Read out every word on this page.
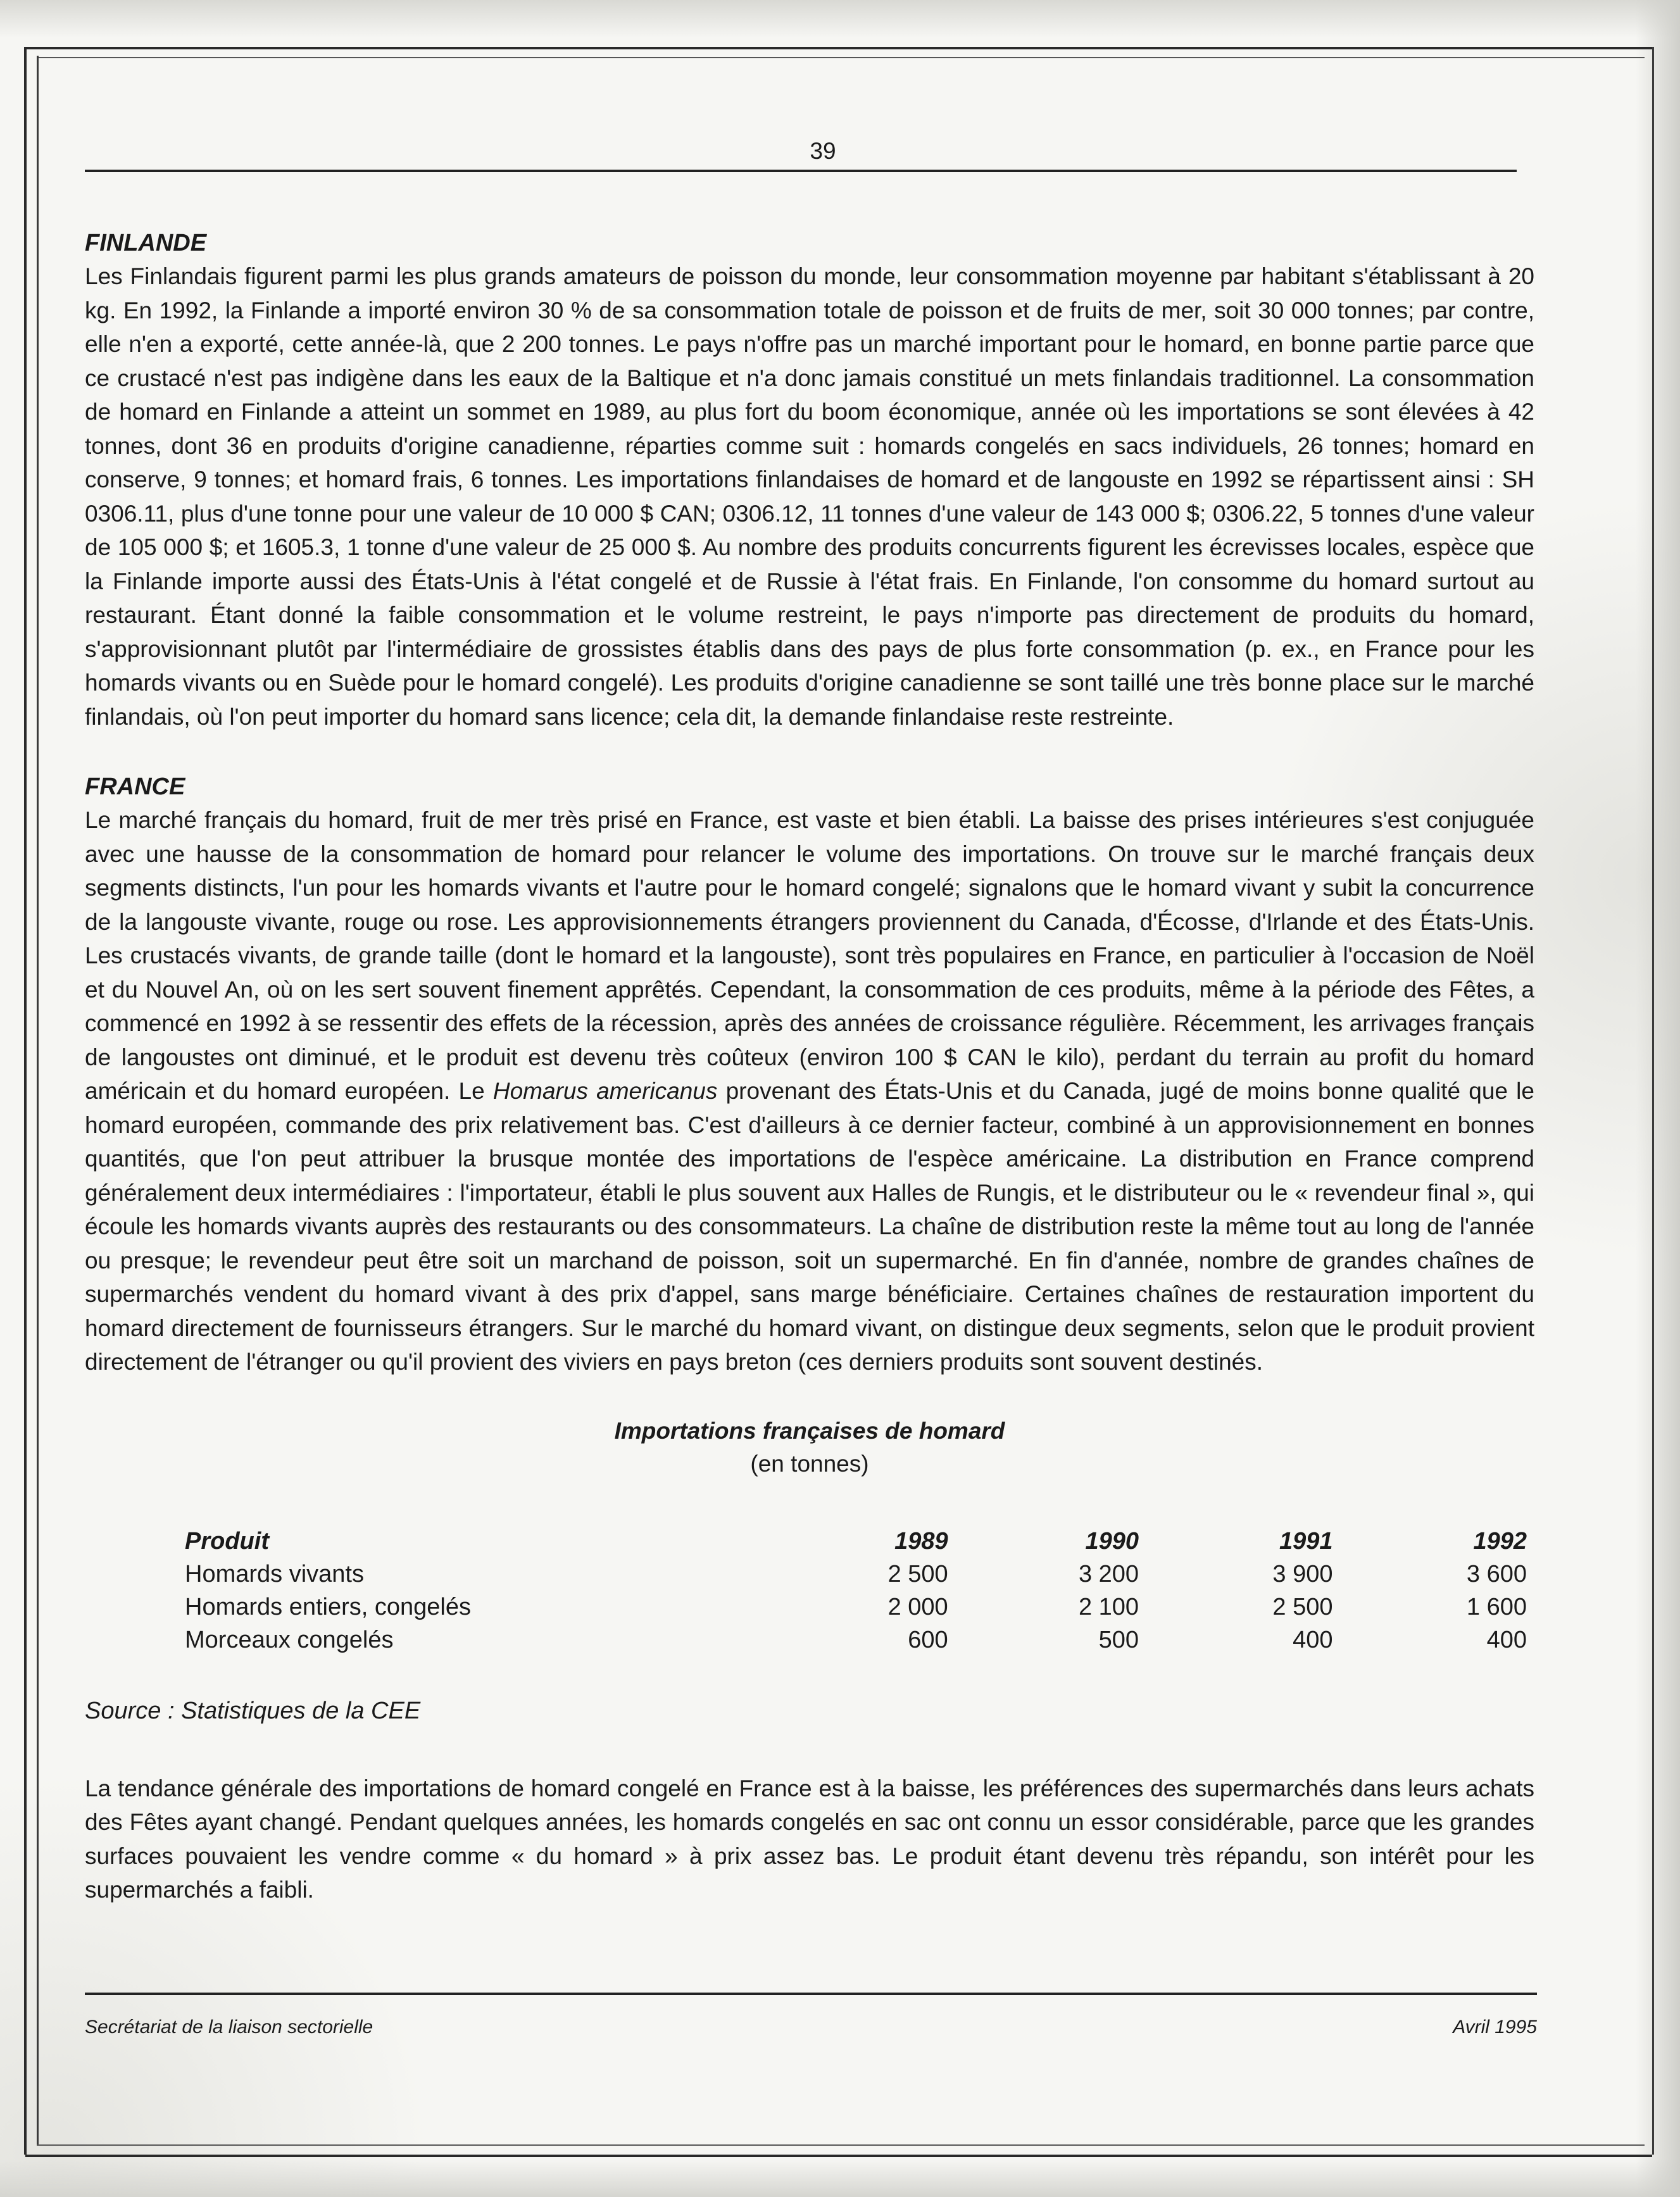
39
FINLANDE

Les Finlandais figurent parmi les plus grands amateurs de poisson du monde, leur consommation moyenne par habitant s'établissant à 20 kg. En 1992, la Finlande a importé environ 30 % de sa consommation totale de poisson et de fruits de mer, soit 30 000 tonnes; par contre, elle n'en a exporté, cette année-là, que 2 200 tonnes. Le pays n'offre pas un marché important pour le homard, en bonne partie parce que ce crustacé n'est pas indigène dans les eaux de la Baltique et n'a donc jamais constitué un mets finlandais traditionnel. La consommation de homard en Finlande a atteint un sommet en 1989, au plus fort du boom économique, année où les importations se sont élevées à 42 tonnes, dont 36 en produits d'origine canadienne, réparties comme suit : homards congelés en sacs individuels, 26 tonnes; homard en conserve, 9 tonnes; et homard frais, 6 tonnes. Les importations finlandaises de homard et de langouste en 1992 se répartissent ainsi : SH 0306.11, plus d'une tonne pour une valeur de 10 000 $ CAN; 0306.12, 11 tonnes d'une valeur de 143 000 $; 0306.22, 5 tonnes d'une valeur de 105 000 $; et 1605.3, 1 tonne d'une valeur de 25 000 $. Au nombre des produits concurrents figurent les écrevisses locales, espèce que la Finlande importe aussi des États-Unis à l'état congelé et de Russie à l'état frais. En Finlande, l'on consomme du homard surtout au restaurant. Étant donné la faible consommation et le volume restreint, le pays n'importe pas directement de produits du homard, s'approvisionnant plutôt par l'intermédiaire de grossistes établis dans des pays de plus forte consommation (p. ex., en France pour les homards vivants ou en Suède pour le homard congelé). Les produits d'origine canadienne se sont taillé une très bonne place sur le marché finlandais, où l'on peut importer du homard sans licence; cela dit, la demande finlandaise reste restreinte.

FRANCE

Le marché français du homard, fruit de mer très prisé en France, est vaste et bien établi. La baisse des prises intérieures s'est conjuguée avec une hausse de la consommation de homard pour relancer le volume des importations. On trouve sur le marché français deux segments distincts, l'un pour les homards vivants et l'autre pour le homard congelé; signalons que le homard vivant y subit la concurrence de la langouste vivante, rouge ou rose. Les approvisionnements étrangers proviennent du Canada, d'Écosse, d'Irlande et des États-Unis. Les crustacés vivants, de grande taille (dont le homard et la langouste), sont très populaires en France, en particulier à l'occasion de Noël et du Nouvel An, où on les sert souvent finement apprêtés. Cependant, la consommation de ces produits, même à la période des Fêtes, a commencé en 1992 à se ressentir des effets de la récession, après des années de croissance régulière. Récemment, les arrivages français de langoustes ont diminué, et le produit est devenu très coûteux (environ 100 $ CAN le kilo), perdant du terrain au profit du homard américain et du homard européen. Le Homarus americanus provenant des États-Unis et du Canada, jugé de moins bonne qualité que le homard européen, commande des prix relativement bas. C'est d'ailleurs à ce dernier facteur, combiné à un approvisionnement en bonnes quantités, que l'on peut attribuer la brusque montée des importations de l'espèce américaine. La distribution en France comprend généralement deux intermédiaires : l'importateur, établi le plus souvent aux Halles de Rungis, et le distributeur ou le « revendeur final », qui écoule les homards vivants auprès des restaurants ou des consommateurs. La chaîne de distribution reste la même tout au long de l'année ou presque; le revendeur peut être soit un marchand de poisson, soit un supermarché. En fin d'année, nombre de grandes chaînes de supermarchés vendent du homard vivant à des prix d'appel, sans marge bénéficiaire. Certaines chaînes de restauration importent du homard directement de fournisseurs étrangers. Sur le marché du homard vivant, on distingue deux segments, selon que le produit provient directement de l'étranger ou qu'il provient des viviers en pays breton (ces derniers produits sont souvent destinés.

Importations françaises de homard
(en tonnes)

Produit	1989	1990	1991	1992
Homards vivants	2 500	3 200	3 900	3 600
Homards entiers, congelés	2 000	2 100	2 500	1 600
Morceaux congelés	600	500	400	400

Source : Statistiques de la CEE

La tendance générale des importations de homard congelé en France est à la baisse, les préférences des supermarchés dans leurs achats des Fêtes ayant changé. Pendant quelques années, les homards congelés en sac ont connu un essor considérable, parce que les grandes surfaces pouvaient les vendre comme « du homard » à prix assez bas. Le produit étant devenu très répandu, son intérêt pour les supermarchés a faibli.

Secrétariat de la liaison sectorielle	Avril 1995
